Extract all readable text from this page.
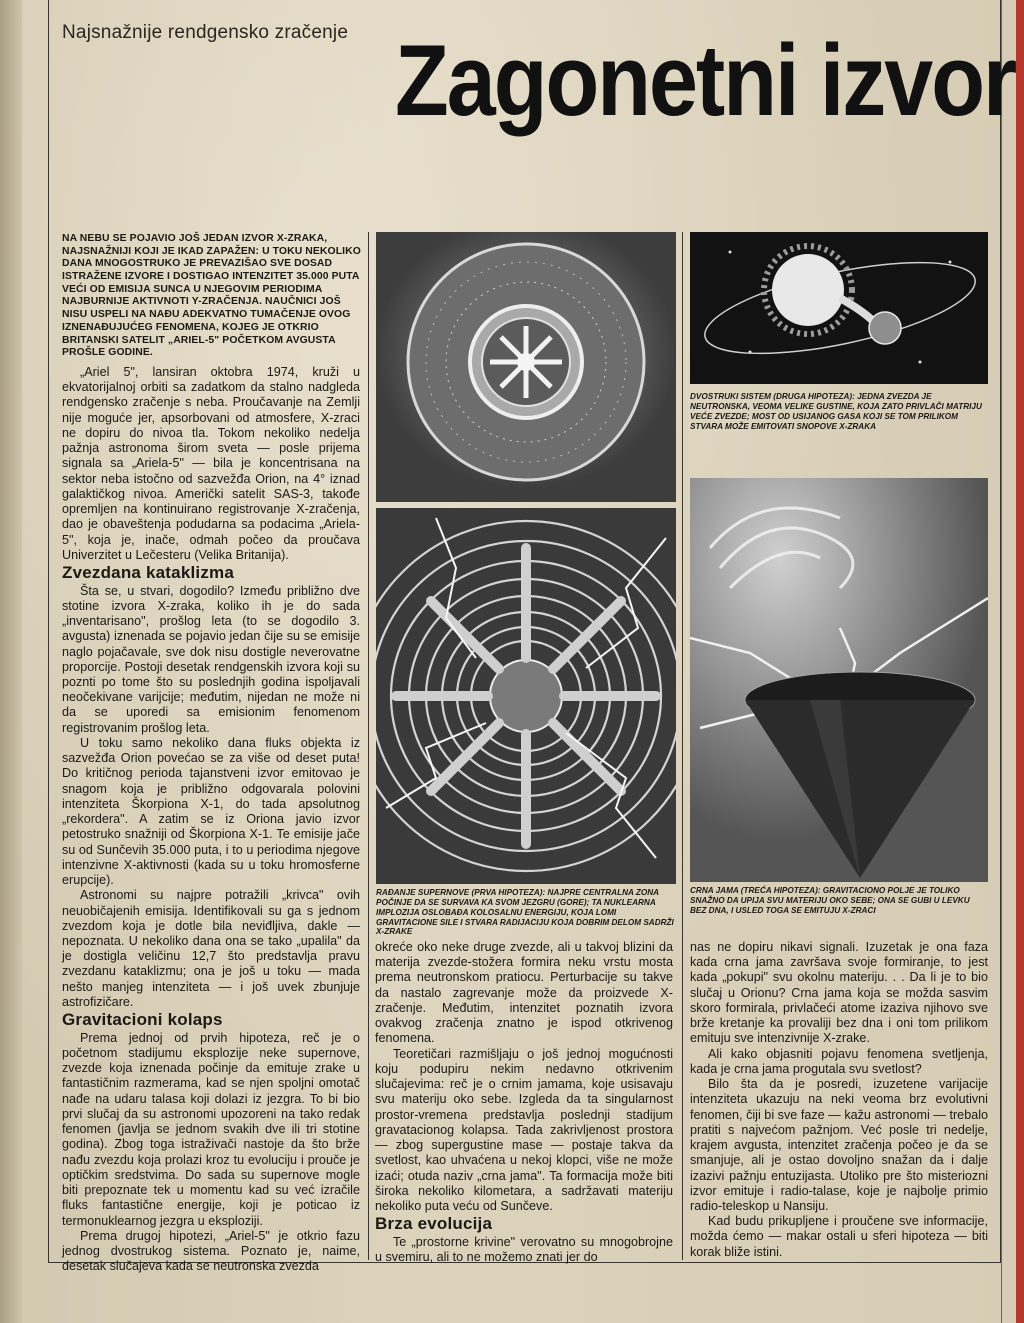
Najsnažnije rendgensko zračenje Zagonetni izvor
NA NEBU SE POJAVIO JOŠ JEDAN IZVOR X-ZRAKA, NAJSNAŽNIJI KOJI JE IKAD ZAPAŽEN: U TOKU NEKOLIKO DANA MNOGOSTRUKO JE PREVAZIŠAO SVE DOSAD ISTRAŽENE IZVORE I DOSTIGAO INTENZITET 35.000 PUTA VEĆI OD EMISIJA SUNCA U NJEGOVIM PERIODIMA NAJBURNIJE AKTIVNOTI Y-ZRAČENJA. NAUČNICI JOŠ NISU USPELI NA NAĐU ADEKVATNO TUMAČENJE OVOG IZNENAĐUJUĆEG FENOMENA, KOJEG JE OTKRIO BRITANSKI SATELIT „ARIEL-5" POČETKOM AVGUSTA PROŠLE GODINE.

„Ariel 5", lansiran oktobra 1974, kruži u ekvatorijalnoj orbiti sa zadatkom da stalno nadgleda rendgensko zračenje s neba. Proučavanje na Zemlji nije moguće jer, apsorbovani od atmosfere, X-zraci ne dopiru do nivoa tla. Tokom nekoliko nedelja pažnja astronoma širom sveta — posle prijema signala sa „Ariela-5" — bila je koncentrisana na sektor neba istočno od sazvežđa Orion, na 4° iznad galaktičkog nivoa. Američki satelit SAS-3, takođe opremljen na kontinuirano registrovanje X-zračenja, dao je obaveštenja podudarna sa podacima „Ariela-5", koja je, inače, odmah počeo da proučava Univerzitet u Lečesteru (Velika Britanija).

Zvezdana kataklizma

Šta se, u stvari, dogodilo? Između približno dve stotine izvora X-zraka, koliko ih je do sada „inventarisano", prošlog leta (to se dogodilo 3. avgusta) iznenada se pojavio jedan čije su se emisije naglo pojačavale, sve dok nisu dostigle neverovatne proporcije. Postoji desetak rendgenskih izvora koji su poznti po tome što su poslednjih godina ispoljavali neočekivane varijcije; međutim, nijedan ne može ni da se uporedi sa emisionim fenomenom registrovanim prošlog leta.

U toku samo nekoliko dana fluks objekta iz sazvežđa Orion povećao se za više od deset puta! Do kritičnog perioda tajanstveni izvor emitovao je snagom koja je približno odgovarala polovini intenziteta Škorpiona X-1, do tada apsolutnog „rekordera". A zatim se iz Oriona javio izvor petostruko snažniji od Škorpiona X-1. Te emisije jače su od Sunčevih 35.000 puta, i to u periodima njegove intenzivne X-aktivnosti (kada su u toku hromosferne erupcije).

Astronomi su najpre potražili „krivca" ovih neuobičajenih emisija. Identifikovali su ga s jednom zvezdom koja je dotle bila neviđljiva, dakle — nepoznata. U nekoliko dana ona se tako „upalila" da je dostigla veličinu 12,7 što predstavlja pravu zvezdanu kataklizmu; ona je još u toku — mada nešto manjeg intenziteta — i još uvek zbunjuje astrofizičare.

Gravitacioni kolaps

Prema jednoj od prvih hipoteza, reč je o početnom stadijumu eksplozije neke supernove, zvezde koja iznenada počinje da emituje zrake u fantastičnim razmerama, kad se njen spoljni omotač nađe na udaru talasa koji dolazi iz jezgra. To bi bio prvi slučaj da su astronomi upozoreni na tako redak fenomen (javlja se jednom svakih dve ili tri stotine godina). Zbog toga istraživači nastoje da što brže nađu zvezdu koja prolazi kroz tu evoluciju i prouče je optičkim sredstvima. Do sada su supernove mogle biti prepoznate tek u momentu kad su već izračile fluks fantastične energije, koji je poticao iz termonuklearnog jezgra u eksploziji.

Prema drugoj hipotezi, „Ariel-5" je otkrio fazu jednog dvostrukog sistema. Poznato je, naime, desetak slučajeva kada se neutronska zvezda

RAĐANJE SUPERNOVE (PRVA HIPOTEZA): NAJPRE CENTRALNA ZONA POČINJE DA SE SURVAVA KA SVOM JEZGRU (GORE); TA NUKLEARNA IMPLOZIJA OSLOBAĐA KOLOSALNU ENERGIJU, KOJA LOMI GRAVITACIONE SILE I STVARA RADIJACIJU KOJA DOBRIM DELOM SADRŽI X-ZRAKE
DVOSTRUKI SISTEM (DRUGA HIPOTEZA): JEDNA ZVEZDA JE NEUTRONSKA, VEOMA VELIKE GUSTINE, KOJA ZATO PRIVLAČI MATRIJU VEĆE ZVEZDE; MOST OD USIJANOG GASA KOJI SE TOM PRILIKOM STVARA MOŽE EMITOVATI SNOPOVE X-ZRAKA
CRNA JAMA (TREĆA HIPOTEZA): GRAVITACIONO POLJE JE TOLIKO SNAŽNO DA UPIJA SVU MATERIJU OKO SEBE; ONA SE GUBI U LEVKU BEZ DNA, I USLED TOGA SE EMITUJU X-ZRACI

okreće oko neke druge zvezde, ali u takvoj blizini da materija zvezde-stožera formira neku vrstu mosta prema neutronskom pratiocu. Perturbacije su takve da nastalo zagrevanje može da proizvede X-zračenje. Međutim, intenzitet poznatih izvora ovakvog zračenja znatno je ispod otkrivenog fenomena.

Teoretičari razmišljaju o još jednoj mogućnosti koju podupiru nekim nedavno otkrivenim slučajevima: reč je o crnim jamama, koje usisavaju svu materiju oko sebe. Izgleda da ta singularnost prostor-vremena predstavlja poslednji stadijum gravatacionog kolapsa. Tada zakrivljenost prostora — zbog supergustine mase — postaje takva da svetlost, kao uhvaćena u nekoj klopci, više ne može izaći; otuda naziv „crna jama". Ta formacija može biti široka nekoliko kilometara, a sadržavati materiju nekoliko puta veću od Sunčeve.

Brza evolucija

Te „prostorne krivine" verovatno su mnogobrojne u svemiru, ali to ne možemo znati jer do

nas ne dopiru nikavi signali. Izuzetak je ona faza kada crna jama završava svoje formiranje, to jest kada „pokupi" svu okolnu materiju. . . Da li je to bio slučaj u Orionu? Crna jama koja se možda sasvim skoro formirala, privlačeći atome izaziva njihovo sve brže kretanje ka provaliji bez dna i oni tom prilikom emituju sve intenzivnije X-zrake.

Ali kako objasniti pojavu fenomena svetljenja, kada je crna jama progutala svu svetlost?

Bilo šta da je posredi, izuzetene varijacije intenziteta ukazuju na neki veoma brz evolutivni fenomen, čiji bi sve faze — kažu astronomi — trebalo pratiti s najvećom pažnjom. Već posle tri nedelje, krajem avgusta, intenzitet zračenja počeo je da se smanjuje, ali je ostao dovoljno snažan da i dalje izazivi pažnju entuzijasta. Utoliko pre što misteriozni izvor emituje i radio-talase, koje je najbolje primio radio-teleskop u Nansiju.

Kad budu prikupljene i proučene sve informacije, možda ćemo — makar ostali u sferi hipoteza — biti korak bliže istini.
